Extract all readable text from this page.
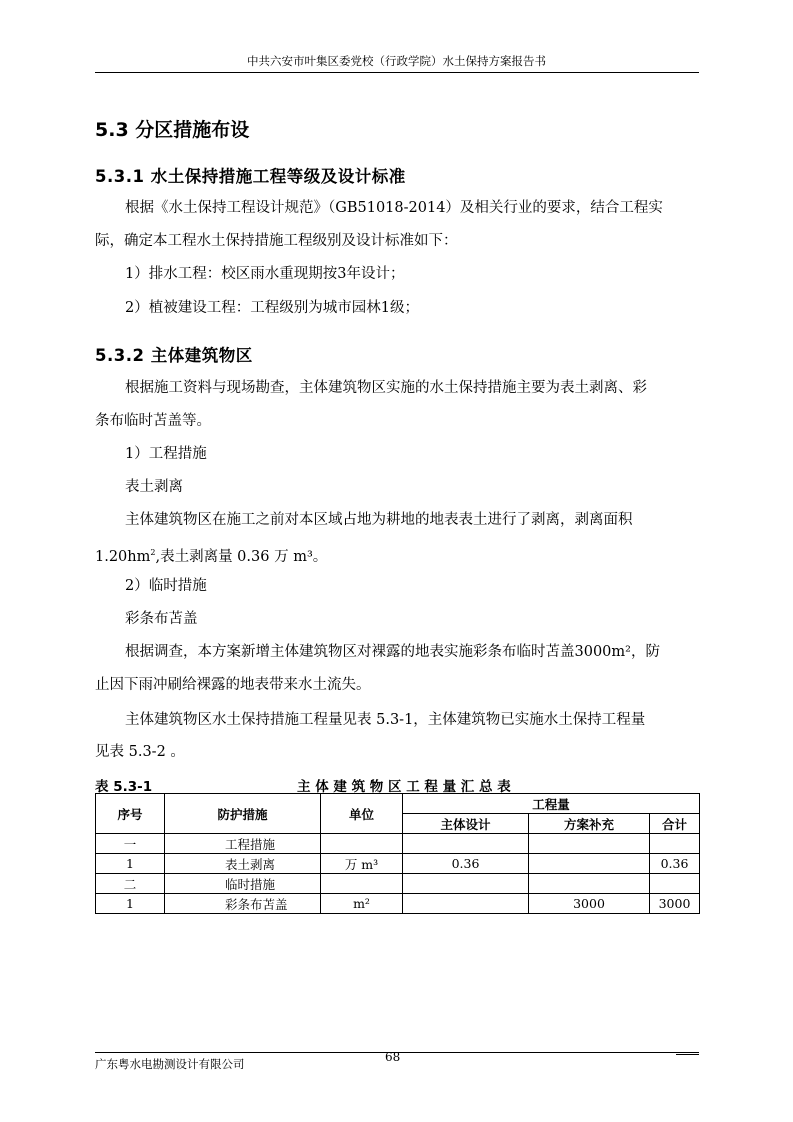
中共六安市叶集区委党校（行政学院）水土保持方案报告书
5.3 分区措施布设
5.3.1 水土保持措施工程等级及设计标准
根据《水土保持工程设计规范》（GB51018-2014）及相关行业的要求，结合工程实
际，确定本工程水土保持措施工程级别及设计标准如下：
1）排水工程：校区雨水重现期按3年设计；
2）植被建设工程：工程级别为城市园林1级；
5.3.2 主体建筑物区
根据施工资料与现场勘查，主体建筑物区实施的水土保持措施主要为表土剥离、彩
条布临时苫盖等。
1）工程措施
表土剥离
主体建筑物区在施工之前对本区域占地为耕地的地表表土进行了剥离，剥离面积
$1.20hm^2$,表土剥离量 0.36 万 m³。
2）临时措施
彩条布苫盖
根据调查，本方案新增主体建筑物区对裸露的地表实施彩条布临时苫盖3000m²，防
止因下雨冲刷给裸露的地表带来水土流失。
主体建筑物区水土保持措施工程量见表 5.3-1，主体建筑物已实施水土保持工程量
见表 5.3-2 。
表 5.3-1	主 体 建 筑 物 区 工 程 量 汇 总 表
序号	防护措施	单位	工程量		
			主体设计	方案补充	合计
一	工程措施				
1	表土剥离	万 m³	0.36		0.36
二	临时措施				
1	彩条布苫盖	m²		3000	3000
广东粤水电勘测设计有限公司	68
